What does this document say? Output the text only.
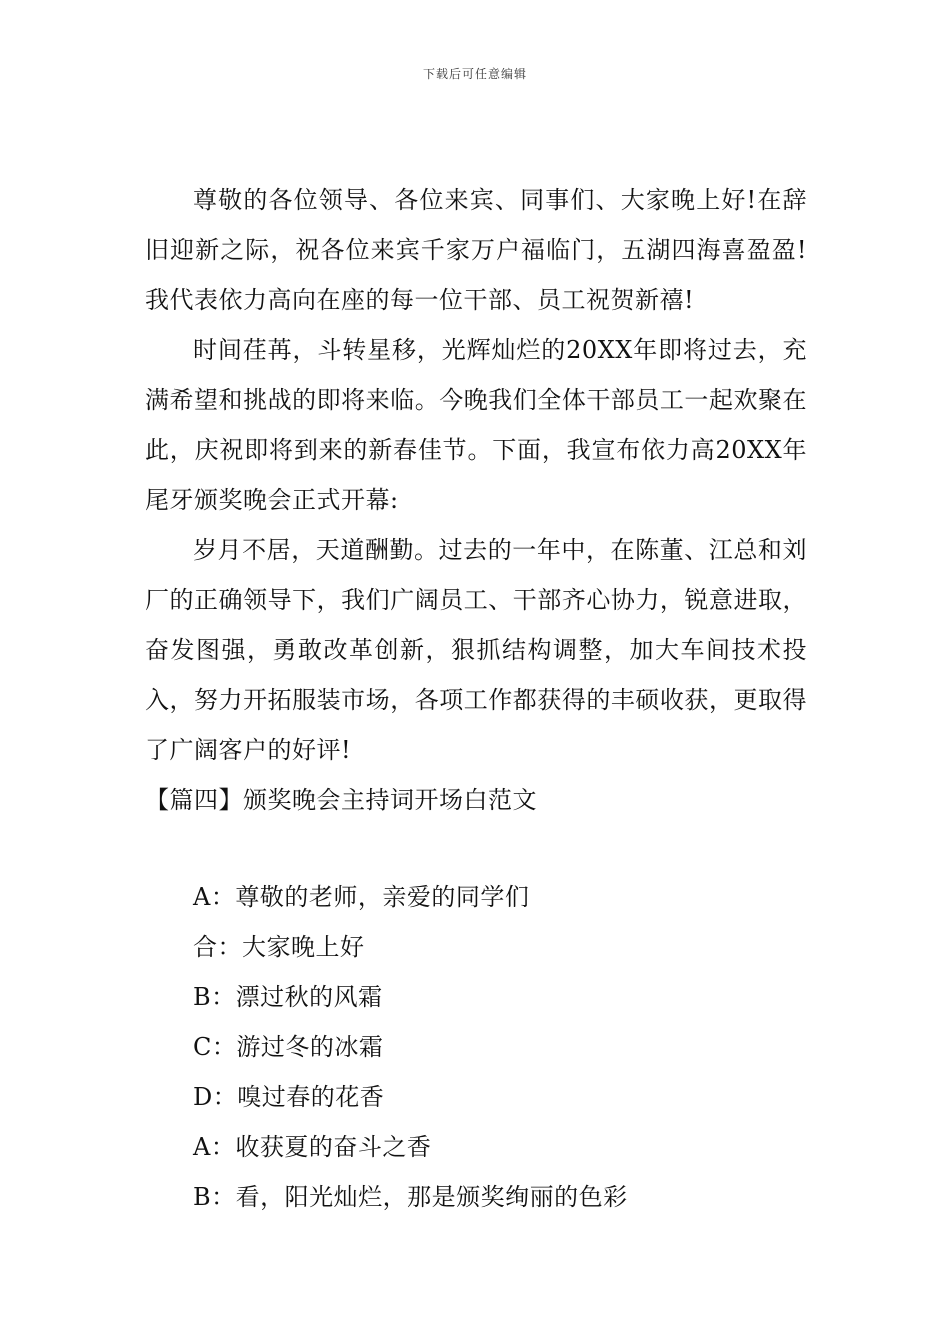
下载后可任意编辑

尊敬的各位领导、各位来宾、同事们、大家晚上好!在辞旧迎新之际，祝各位来宾千家万户福临门，五湖四海喜盈盈!我代表依力高向在座的每一位干部、员工祝贺新禧!

时间荏苒，斗转星移，光辉灿烂的20XX年即将过去，充满希望和挑战的即将来临。今晚我们全体干部员工一起欢聚在此，庆祝即将到来的新春佳节。下面，我宣布依力高20XX年尾牙颁奖晚会正式开幕:

岁月不居，天道酬勤。过去的一年中，在陈董、江总和刘厂的正确领导下，我们广阔员工、干部齐心协力，锐意进取，奋发图强，勇敢改革创新，狠抓结构调整，加大车间技术投入，努力开拓服装市场，各项工作都获得的丰硕收获，更取得了广阔客户的好评!

【篇四】颁奖晚会主持词开场白范文

A：尊敬的老师，亲爱的同学们
合：大家晚上好
B：漂过秋的风霜
C：游过冬的冰霜
D：嗅过春的花香
A：收获夏的奋斗之香
B：看，阳光灿烂，那是颁奖绚丽的色彩
